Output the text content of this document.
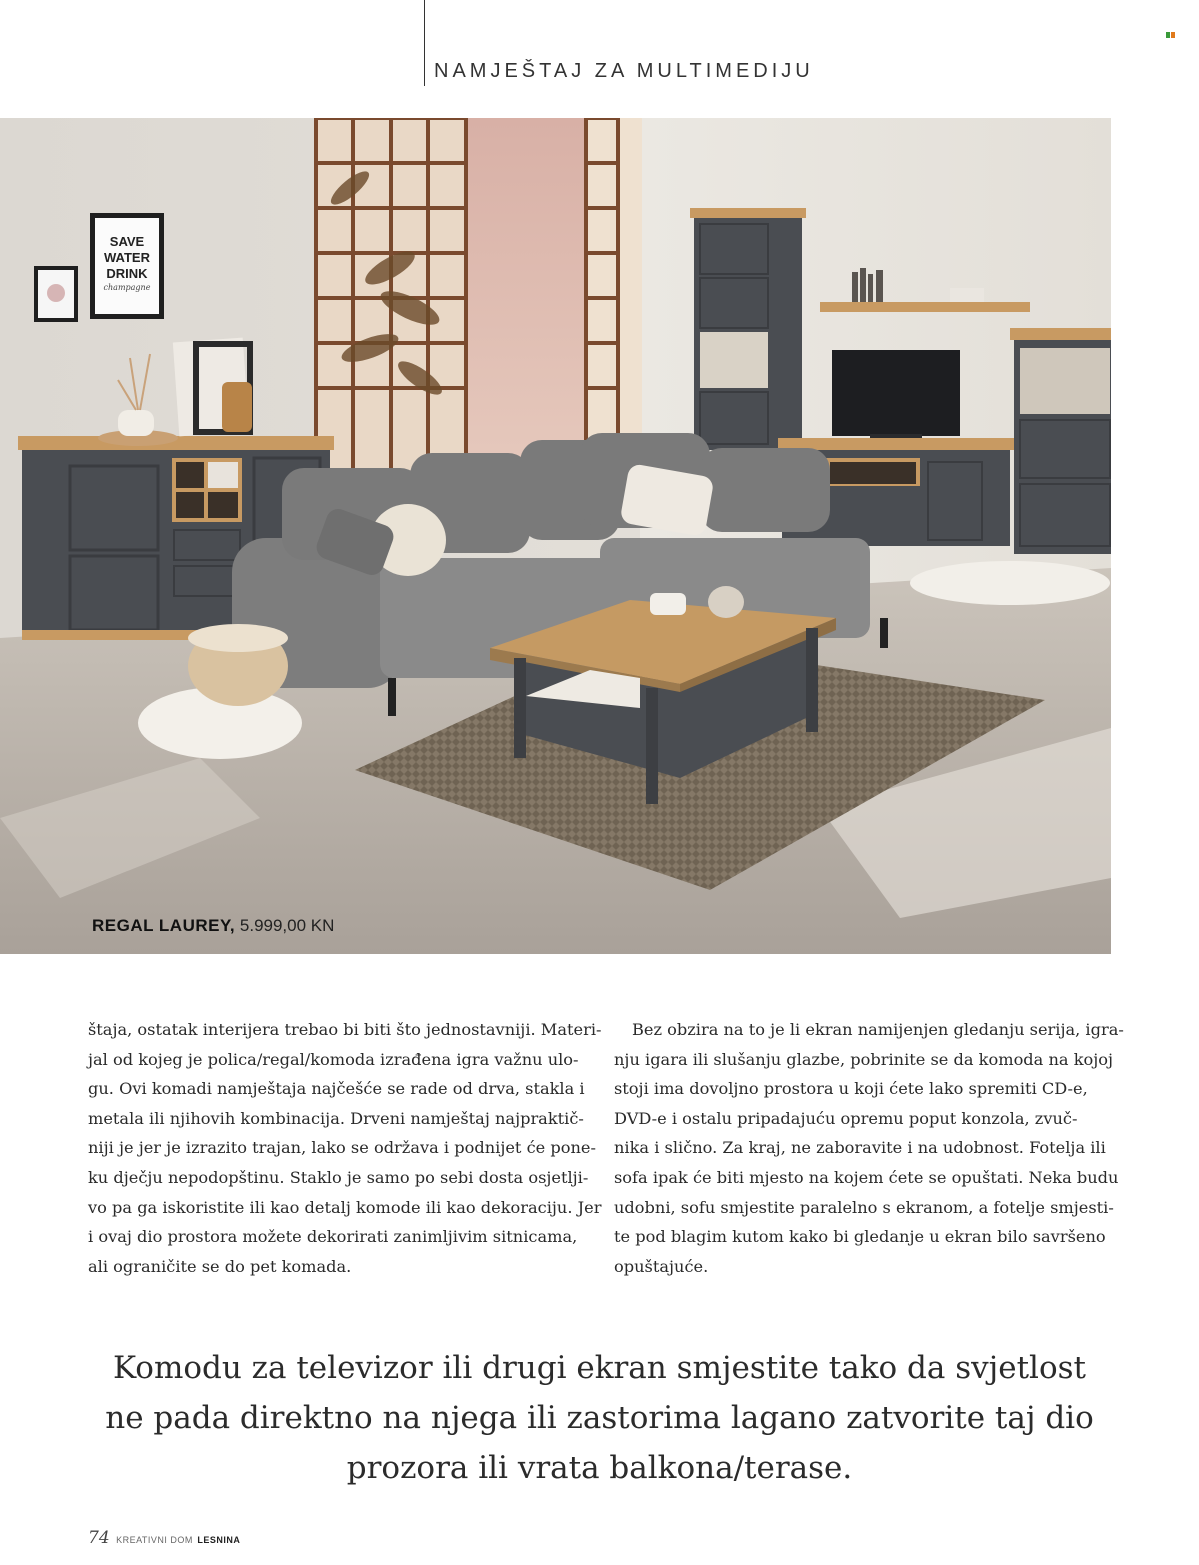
NAMJEŠTAJ ZA MULTIMEDIJU
SAVE
WATER
DRINK
champagne
REGAL LAUREY, 5.999,00 KN
štaja, ostatak interijera trebao bi biti što jednostavniji. Materi-
jal od kojeg je polica/regal/komoda izrađena igra važnu ulo-
gu. Ovi komadi namještaja najčešće se rade od drva, stakla i
metala ili njihovih kombinacija. Drveni namještaj najpraktič-
niji je jer je izrazito trajan, lako se održava i podnijet će pone-
ku dječju nepodopštinu. Staklo je samo po sebi dosta osjetlji-
vo pa ga iskoristite ili kao detalj komode ili kao dekoraciju. Jer
i ovaj dio prostora možete dekorirati zanimljivim sitnicama,
ali ograničite se do pet komada.
Bez obzira na to je li ekran namijenjen gledanju serija, igra-
nju igara ili slušanju glazbe, pobrinite se da komoda na kojoj
stoji ima dovoljno prostora u koji ćete lako spremiti CD-e,
DVD-e i ostalu pripadajuću opremu poput konzola, zvuč-
nika i slično. Za kraj, ne zaboravite i na udobnost. Fotelja ili
sofa ipak će biti mjesto na kojem ćete se opuštati. Neka budu
udobni, sofu smjestite paralelno s ekranom, a fotelje smjesti-
te pod blagim kutom kako bi gledanje u ekran bilo savršeno
opuštajuće.
Komodu za televizor ili drugi ekran smjestite tako da svjetlost
ne pada direktno na njega ili zastorima lagano zatvorite taj dio
prozora ili vrata balkona/terase.
74 KREATIVNI DOM LESNINA
